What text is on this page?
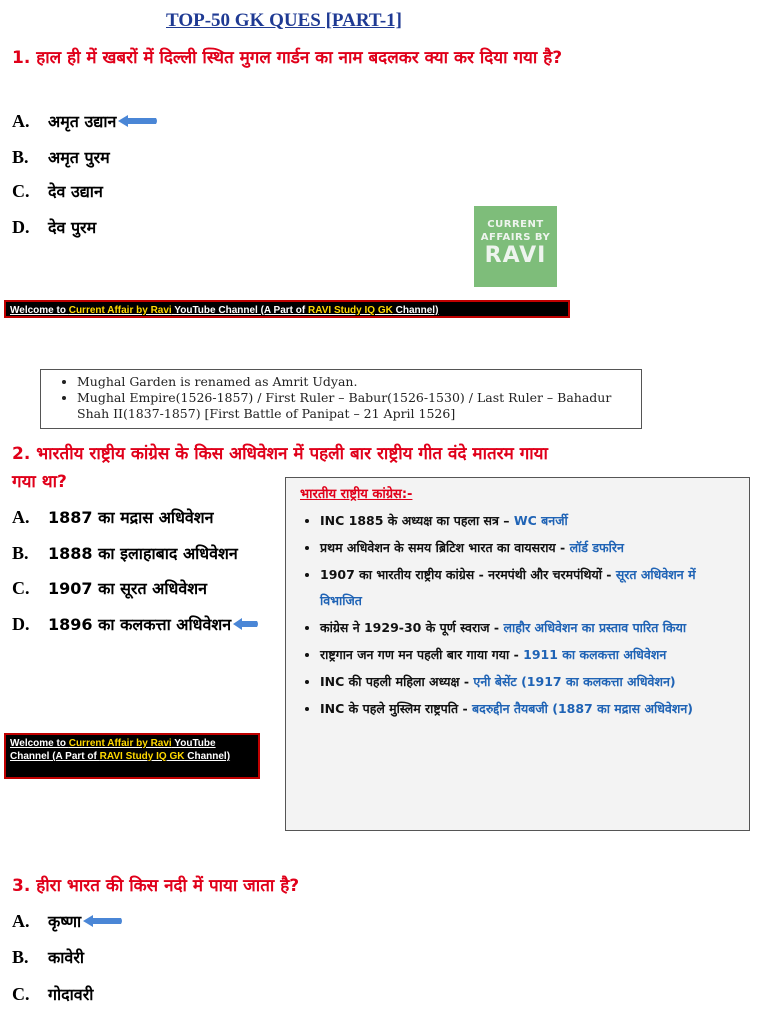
TOP-50 GK QUES [PART-1]
1. हाल ही में खबरों में दिल्ली स्थित मुगल गार्डन का नाम बदलकर क्या कर दिया गया है?
A.	अमृत उद्यान
B.	अमृत पुरम
C.	देव उद्यान
D.	देव पुरम	CURRENT
AFFAIRS BY
RAVI
Welcome to Current Affair by Ravi YouTube Channel (A Part of RAVI Study IQ GK Channel)
• Mughal Garden is renamed as Amrit Udyan.
• Mughal Empire(1526-1857) / First Ruler – Babur(1526-1530) / Last Ruler – Bahadur Shah II(1837-1857) [First Battle of Panipat – 21 April 1526]
2. भारतीय राष्ट्रीय कांग्रेस के किस अधिवेशन में पहली बार राष्ट्रीय गीत वंदे मातरम गाया गया था?
A.	1887 का मद्रास अधिवेशन
B.	1888 का इलाहाबाद अधिवेशन
C.	1907 का सूरत अधिवेशन
D.	1896 का कलकत्ता अधिवेशन
भारतीय राष्ट्रीय कांग्रेस:-
• INC 1885 के अध्यक्ष का पहला सत्र – WC बनर्जी
• प्रथम अधिवेशन के समय ब्रिटिश भारत का वायसराय - लॉर्ड डफरिन
• 1907 का भारतीय राष्ट्रीय कांग्रेस - नरमपंथी और चरमपंथियों - सूरत अधिवेशन में विभाजित
• कांग्रेस ने 1929-30 के पूर्ण स्वराज - लाहौर अधिवेशन का प्रस्ताव पारित किया
• राष्ट्रगान जन गण मन पहली बार गाया गया - 1911 का कलकत्ता अधिवेशन
• INC की पहली महिला अध्यक्ष - एनी बेसेंट (1917 का कलकत्ता अधिवेशन)
• INC के पहले मुस्लिम राष्ट्रपति - बदरुद्दीन तैयबजी (1887 का मद्रास अधिवेशन)
Welcome to Current Affair by Ravi YouTube Channel (A Part of RAVI Study IQ GK Channel)
3. हीरा भारत की किस नदी में पाया जाता है?
A.	कृष्णा
B.	कावेरी
C.	गोदावरी
